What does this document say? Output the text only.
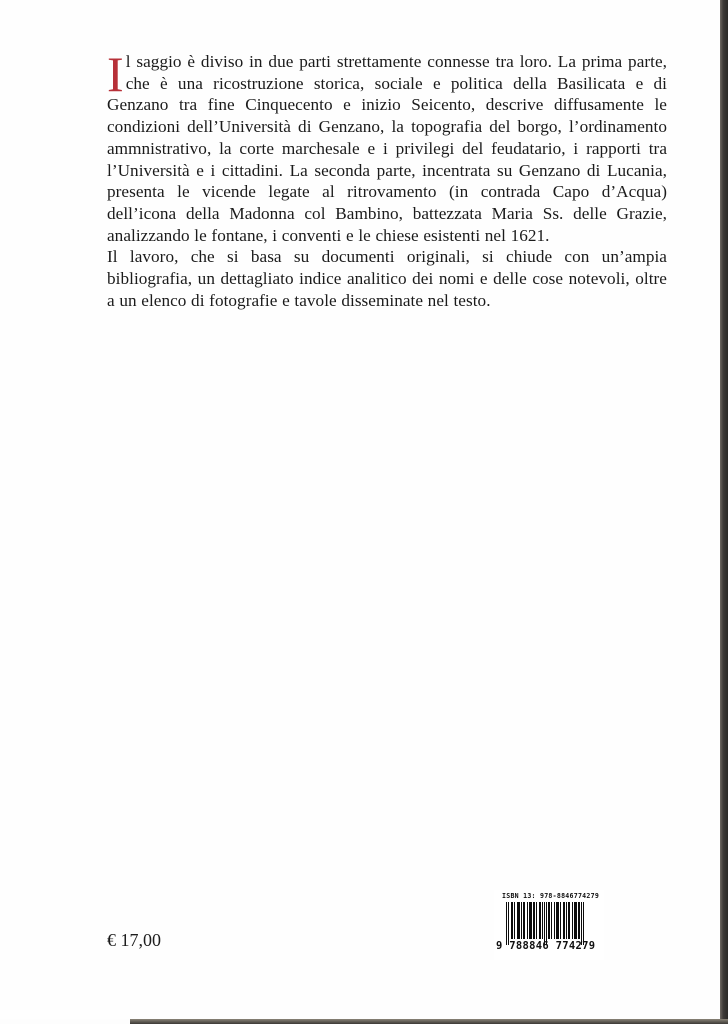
Il saggio è diviso in due parti strettamente connesse tra loro. La prima parte, che è una ricostruzione storica, sociale e politica della Basilicata e di Genzano tra fine Cinquecento e inizio Seicento, descrive diffusamente le condizioni dell’Università di Genzano, la topografia del borgo, l’ordinamento ammnistrativo, la corte marchesale e i privilegi del feudatario, i rapporti tra l’Università e i cittadini. La seconda parte, incentrata su Genzano di Lucania, presenta le vicende legate al ritrovamento (in contrada Capo d’Acqua) dell’icona della Madonna col Bambino, battezzata Maria Ss. delle Grazie, analizzando le fontane, i conventi e le chiese esistenti nel 1621.

Il lavoro, che si basa su documenti originali, si chiude con un’ampia bibliografia, un dettagliato indice analitico dei nomi e delle cose notevoli, oltre a un elenco di fotografie e tavole disseminate nel testo.

€ 17,00
ISBN 13: 978-8846774279
9 788846 774279
